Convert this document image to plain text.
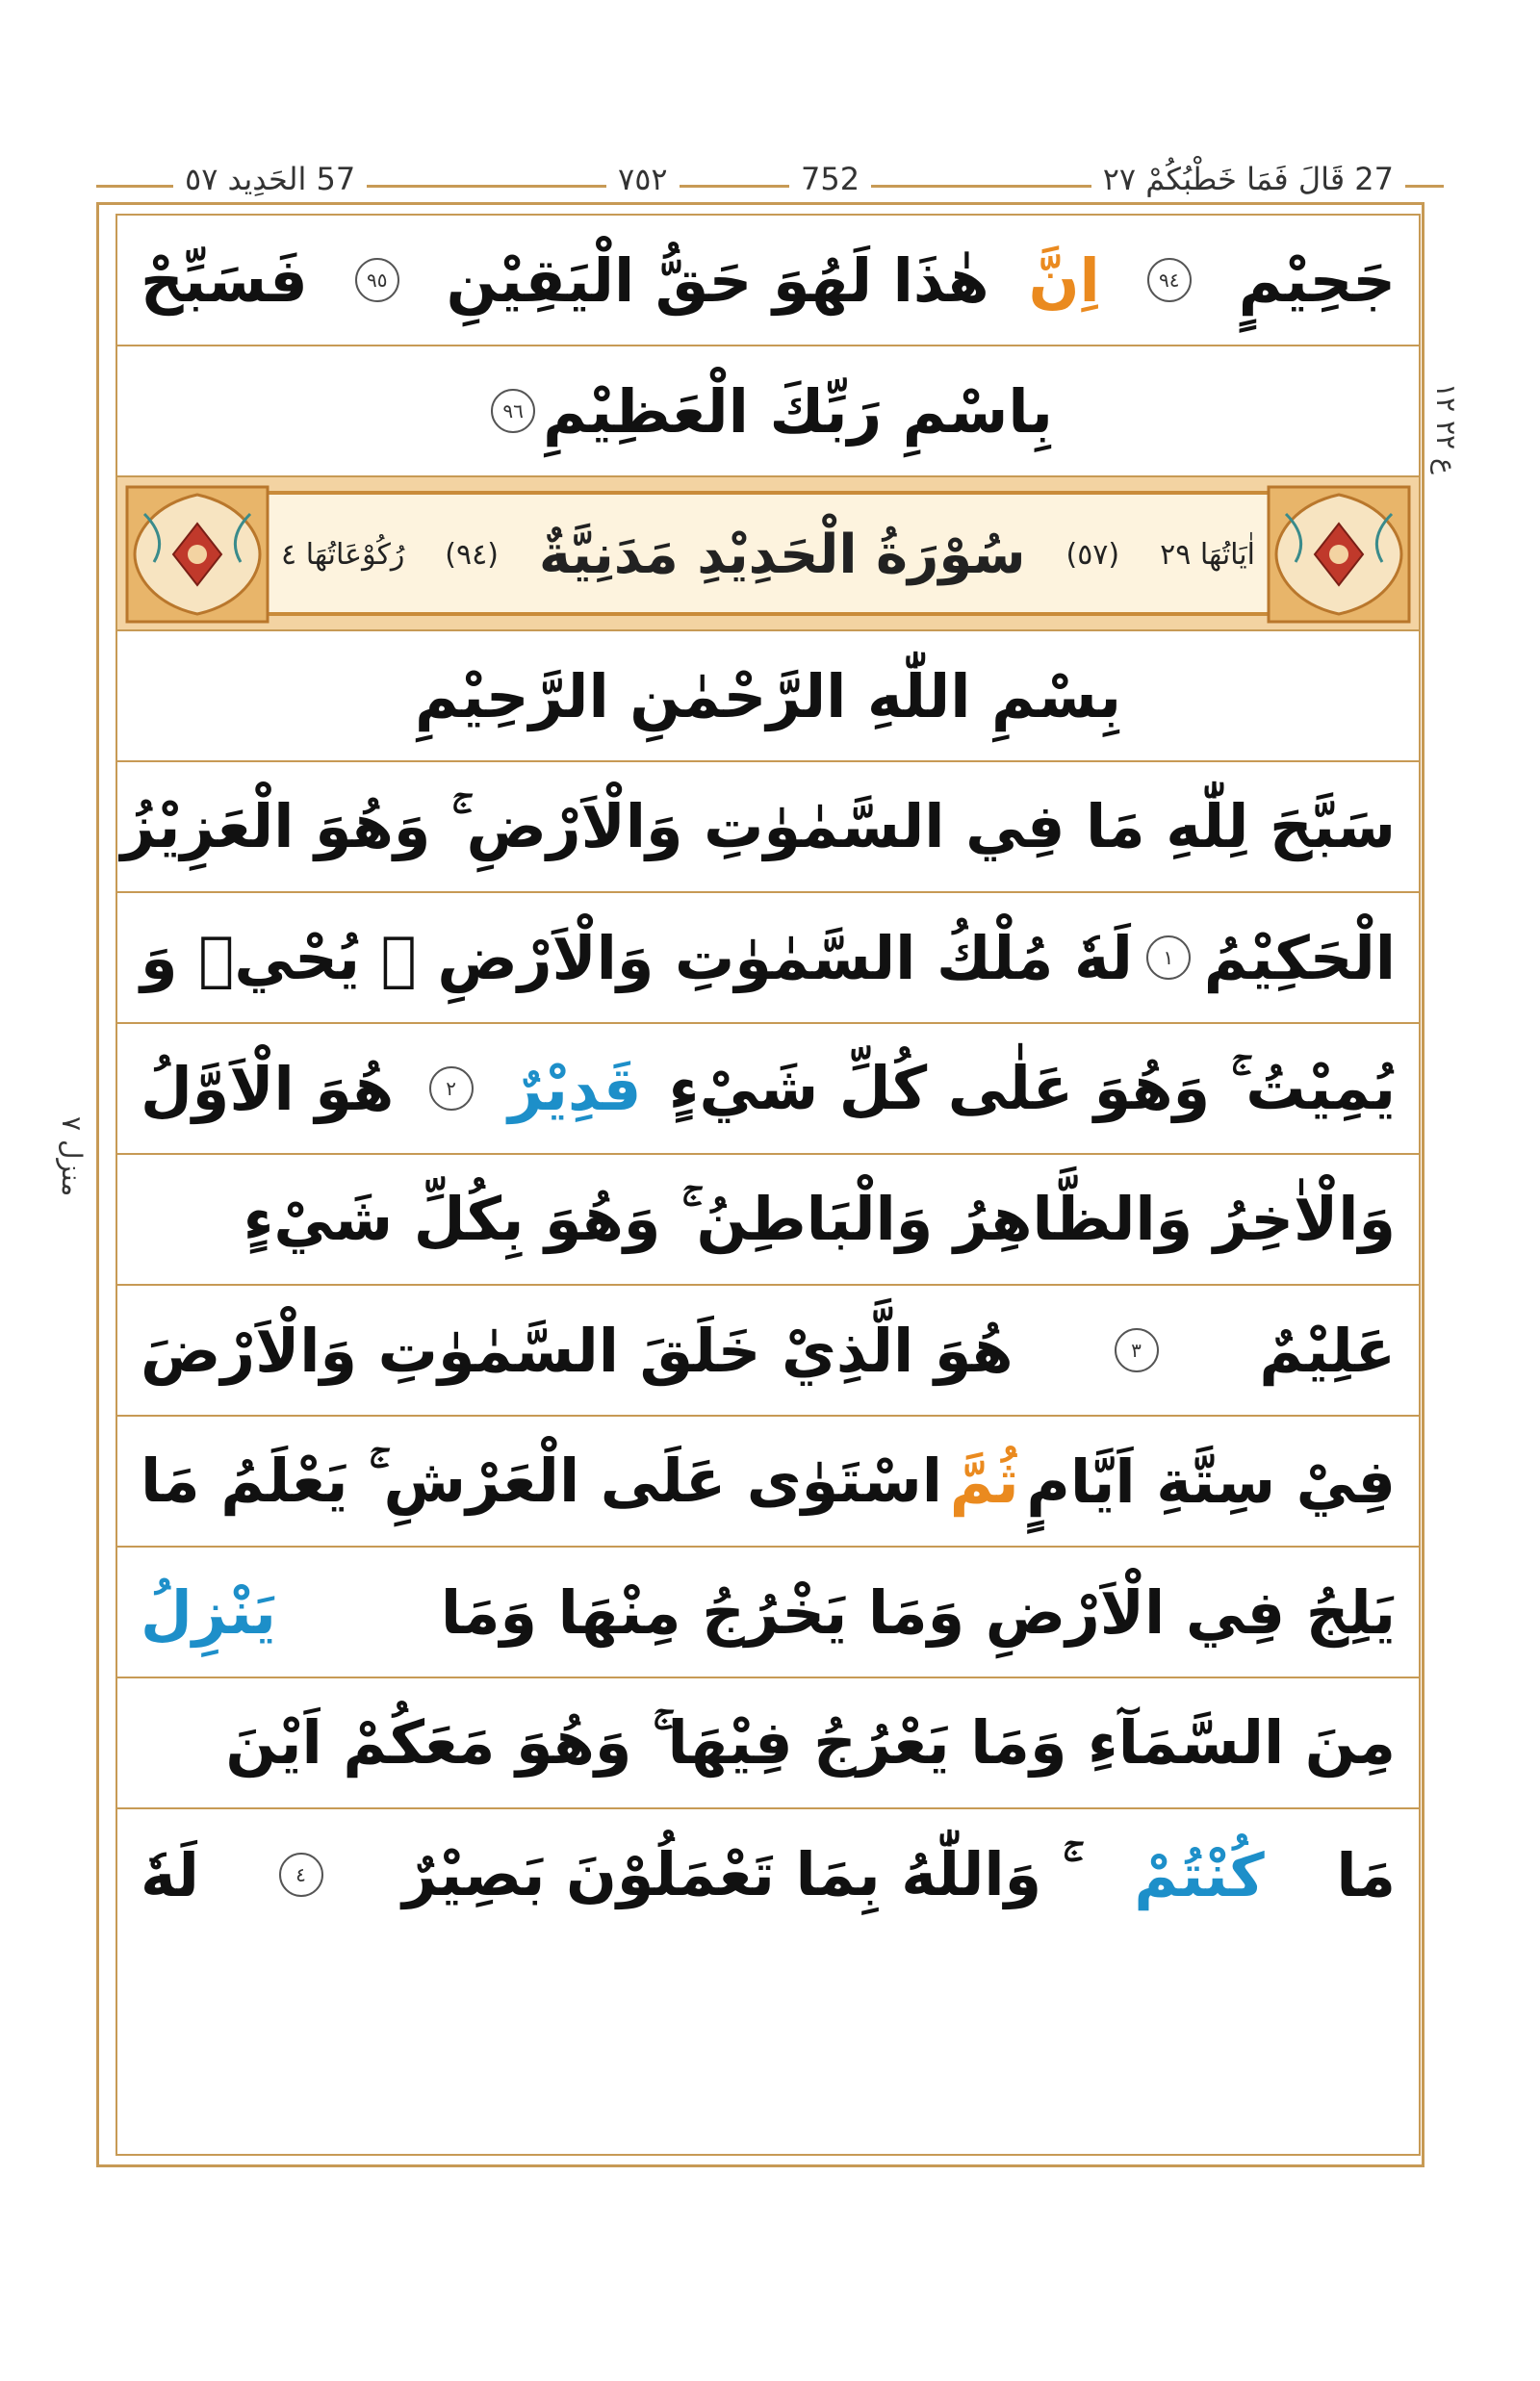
27 قَالَ فَمَا خَطْبُكُمْ ٢٧
٧٥٢	752
57 الحَدِيد ٥٧
ع ٢٢ ١٢
منزل ٧
جَحِيْمٍ
٩٤
اِنَّ
هٰذَا لَهُوَ حَقُّ الْيَقِيْنِ
٩٥
فَسَبِّحْ
بِاسْمِ رَبِّكَ الْعَظِيْمِ
٩٦
اٰيَاتُهَا ٢٩
(٥٧)
سُوْرَةُ الْحَدِيْدِ مَدَنِيَّةٌ
(٩٤)
رُكُوْعَاتُهَا ٤
بِسْمِ اللّٰهِ الرَّحْمٰنِ الرَّحِيْمِ
سَبَّحَ لِلّٰهِ مَا فِي السَّمٰوٰتِ وَالْاَرْضِ ۚ وَهُوَ الْعَزِيْزُ
الْحَكِيْمُ
١
لَهٗ مُلْكُ السَّمٰوٰتِ وَالْاَرْضِ ۚ يُحْيٖ وَ
يُمِيْتُ ۚ وَهُوَ عَلٰى كُلِّ شَيْءٍ
قَدِيْرٌ
٢
هُوَ الْاَوَّلُ
وَالْاٰخِرُ وَالظَّاهِرُ وَالْبَاطِنُ ۚ وَهُوَ بِكُلِّ شَيْءٍ
عَلِيْمٌ
٣
هُوَ الَّذِيْ خَلَقَ السَّمٰوٰتِ وَالْاَرْضَ
فِيْ سِتَّةِ اَيَّامٍ
ثُمَّ
اسْتَوٰى عَلَى الْعَرْشِ ۚ يَعْلَمُ مَا
يَلِجُ فِي الْاَرْضِ وَمَا يَخْرُجُ مِنْهَا وَمَا
يَنْزِلُ
مِنَ السَّمَآءِ وَمَا يَعْرُجُ فِيْهَا ۚ وَهُوَ مَعَكُمْ اَيْنَ
مَا
كُنْتُمْ
ۚ وَاللّٰهُ بِمَا تَعْمَلُوْنَ بَصِيْرٌ
٤
لَهٗ
